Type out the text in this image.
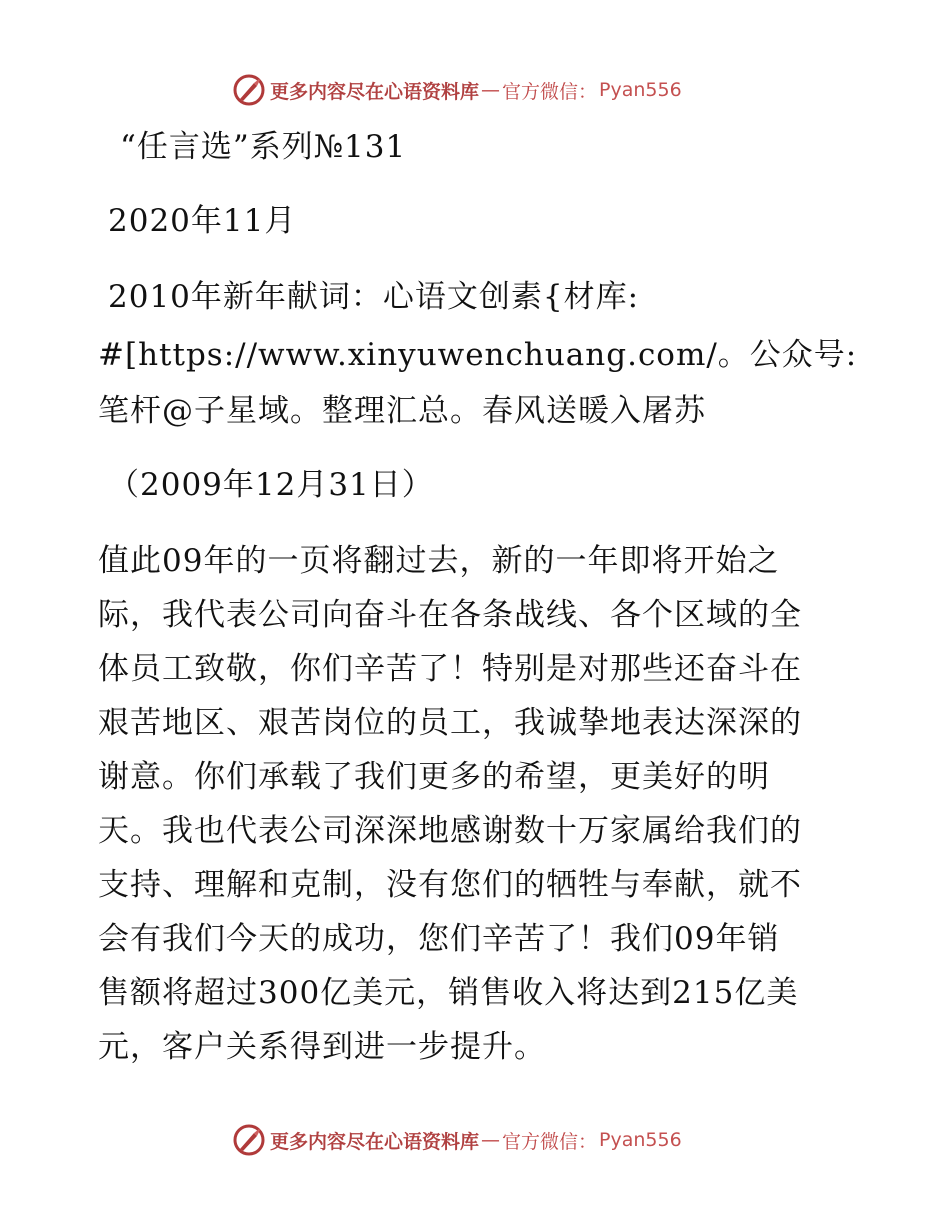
更多内容尽在心语资料库 — 官方微信： Pyan556
“任言选”系列№131
2020年11月
2010年新年献词：心语文创素{材库:
#[https://www.xinyuwenchuang.com/。公众号:
笔杆@子星域。整理汇总。春风送暖入屠苏
（2009年12月31日）
值此09年的一页将翻过去，新的一年即将开始之
际，我代表公司向奋斗在各条战线、各个区域的全
体员工致敬，你们辛苦了！特别是对那些还奋斗在
艰苦地区、艰苦岗位的员工，我诚挚地表达深深的
谢意。你们承载了我们更多的希望，更美好的明
天。我也代表公司深深地感谢数十万家属给我们的
支持、理解和克制，没有您们的牺牲与奉献，就不
会有我们今天的成功，您们辛苦了！我们09年销
售额将超过300亿美元，销售收入将达到215亿美
元，客户关系得到进一步提升。
更多内容尽在心语资料库 — 官方微信： Pyan556
